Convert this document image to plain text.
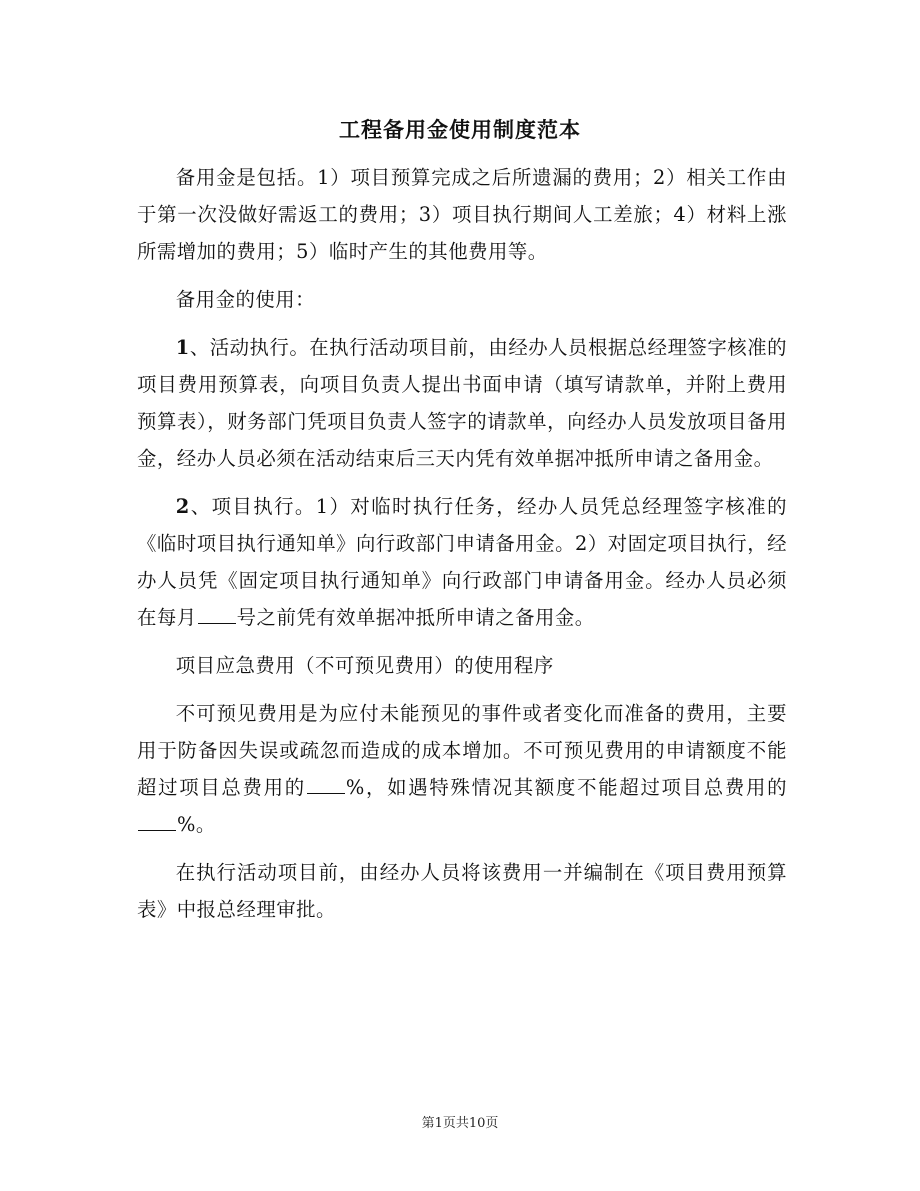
工程备用金使用制度范本

备用金是包括。1）项目预算完成之后所遗漏的费用；2）相关工作由于第一次没做好需返工的费用；3）项目执行期间人工差旅；4）材料上涨所需增加的费用；5）临时产生的其他费用等。

备用金的使用：

1、活动执行。在执行活动项目前，由经办人员根据总经理签字核准的项目费用预算表，向项目负责人提出书面申请（填写请款单，并附上费用预算表），财务部门凭项目负责人签字的请款单，向经办人员发放项目备用金，经办人员必须在活动结束后三天内凭有效单据冲抵所申请之备用金。

2、项目执行。1）对临时执行任务，经办人员凭总经理签字核准的《临时项目执行通知单》向行政部门申请备用金。2）对固定项目执行，经办人员凭《固定项目执行通知单》向行政部门申请备用金。经办人员必须在每月 号之前凭有效单据冲抵所申请之备用金。

项目应急费用（不可预见费用）的使用程序

不可预见费用是为应付未能预见的事件或者变化而准备的费用，主要用于防备因失误或疏忽而造成的成本增加。不可预见费用的申请额度不能超过项目总费用的 %，如遇特殊情况其额度不能超过项目总费用的%。

在执行活动项目前，由经办人员将该费用一并编制在《项目费用预算表》中报总经理审批。

第1页共10页
